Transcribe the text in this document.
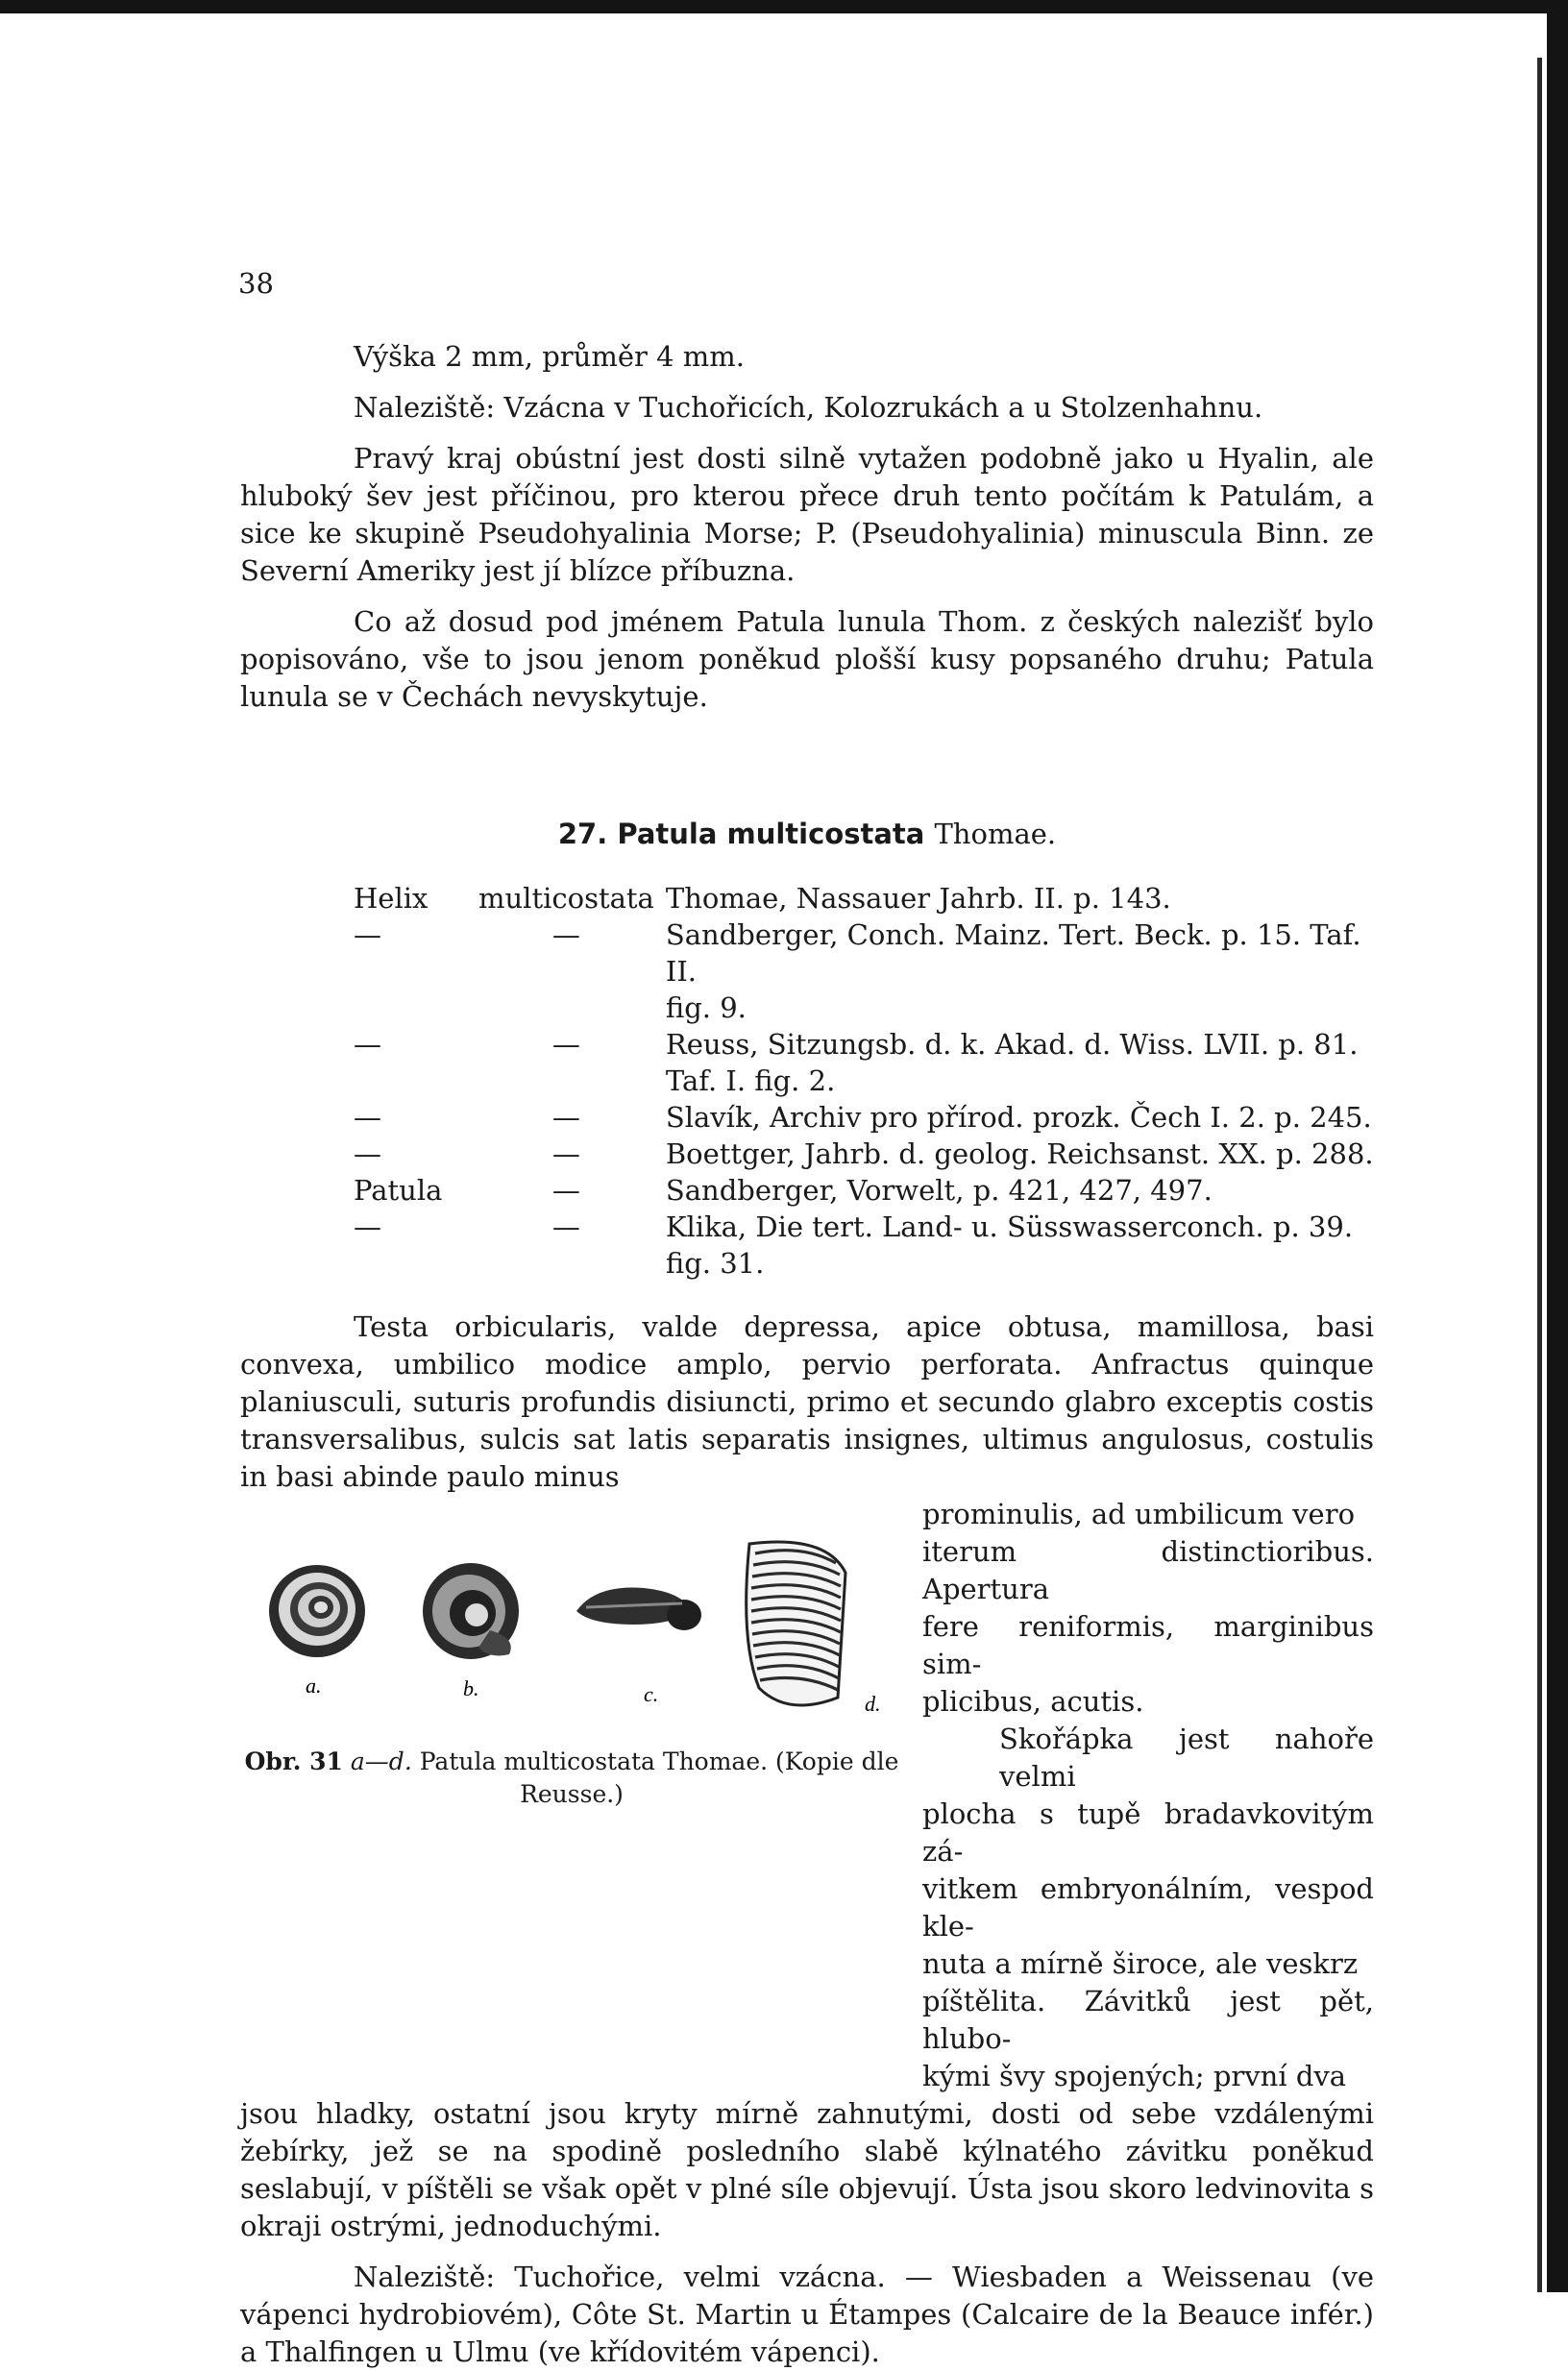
38

Výška 2 mm, průměr 4 mm.

Naleziště: Vzácna v Tuchořicích, Kolozrukách a u Stolzenhahnu.

Pravý kraj obústní jest dosti silně vytažen podobně jako u Hyalin, ale hluboký šev jest příčinou, pro kterou přece druh tento počítám k Patulám, a sice ke skupině Pseudohyalinia Morse; P. (Pseudohyalinia) minuscula Binn. ze Severní Ameriky jest jí blízce příbuzna.

Co až dosud pod jménem Patula lunula Thom. z českých nalezišť bylo popisováno, vše to jsou jenom poněkud plošší kusy popsaného druhu; Patula lunula se v Čechách nevyskytuje.

27. Patula multicostata Thomae.

Helix	multicostata	Thomae, Nassauer Jahrb. II. p. 143.
—	—	Sandberger, Conch. Mainz. Tert. Beck. p. 15. Taf. II.
		fig. 9.
—	—	Reuss, Sitzungsb. d. k. Akad. d. Wiss. LVII. p. 81.
		Taf. I. fig. 2.
—	—	Slavík, Archiv pro přírod. prozk. Čech I. 2. p. 245.
—	—	Boettger, Jahrb. d. geolog. Reichsanst. XX. p. 288.
Patula	—	Sandberger, Vorwelt, p. 421, 427, 497.
—	—	Klika, Die tert. Land- u. Süsswasserconch. p. 39. fig. 31.

Testa orbicularis, valde depressa, apice obtusa, mamillosa, basi convexa, umbilico modice amplo, pervio perforata. Anfractus quinque planiusculi, suturis profundis disiuncti, primo et secundo glabro exceptis costis transversalibus, sulcis sat latis separatis insignes, ultimus angulosus, costulis in basi abinde paulo minus

a.	b.	c.	d.
Obr. 31 a—d. Patula multicostata Thomae. (Kopie dle Reusse.)
prominulis, ad umbilicum vero
iterum distinctioribus. Apertura
fere reniformis, marginibus sim-
plicibus, acutis.
Skořápka jest nahoře velmi
plocha s tupě bradavkovitým zá-
vitkem embryonálním, vespod kle-
nuta a mírně široce, ale veskrz
píštělita. Závitků jest pět, hlubo-
kými švy spojených; první dva

jsou hladky, ostatní jsou kryty mírně zahnutými, dosti od sebe vzdálenými žebírky, jež se na spodině posledního slabě kýlnatého závitku poněkud seslabují, v píštěli se však opět v plné síle objevují. Ústa jsou skoro ledvinovita s okraji ostrými, jednoduchými.

Naleziště: Tuchořice, velmi vzácna. — Wiesbaden a Weissenau (ve vápenci hydrobiovém), Côte St. Martin u Étampes (Calcaire de la Beauce infér.) a Thalfingen u Ulmu (ve křídovitém vápenci).
